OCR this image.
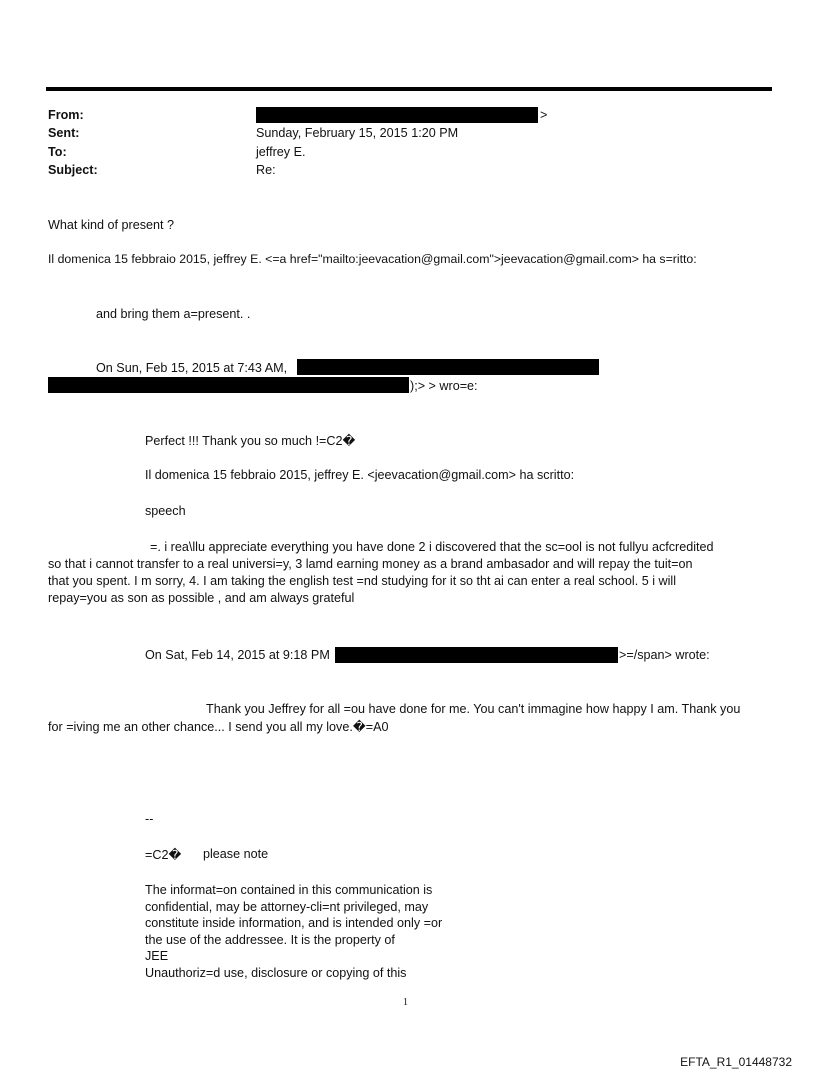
From:	>
Sent:	Sunday, February 15, 2015 1:20 PM
To:	jeffrey E.
Subject:	Re:
What kind of present ?
Il domenica 15 febbraio 2015, jeffrey E. <=a href="mailto:jeevacation@gmail.com">jeevacation@gmail.com> ha s=ritto:
and bring them a=present. .
On Sun, Feb 15, 2015 at 7:43 AM,
);> > wro=e:
Perfect !!! Thank you so much !=C2�
Il domenica 15 febbraio 2015, jeffrey E. <jeevacation@gmail.com> ha scritto:
speech
=. i rea\llu appreciate everything you have done 2 i discovered that the sc=ool is not fullyu acfcredited
so that i cannot transfer to a real universi=y, 3 lamd earning money as a brand ambasador and will repay the tuit=on
that you spent. I m sorry, 4. I am taking the english test =nd studying for it so tht ai can enter a real school. 5 i will
repay=you as son as possible , and am always grateful
On Sat, Feb 14, 2015 at 9:18 PM	>=/span> wrote:
Thank you Jeffrey for all =ou have done for me. You can't immagine how happy I am. Thank you
for =iving me an other chance... I send you all my love.�=A0
--
=C2� please note
The informat=on contained in this communication is
confidential, may be attorney-cli=nt privileged, may
constitute inside information, and is intended only =or
the use of the addressee. It is the property of
JEE
Unauthoriz=d use, disclosure or copying of this
1
EFTA_R1_01448732
